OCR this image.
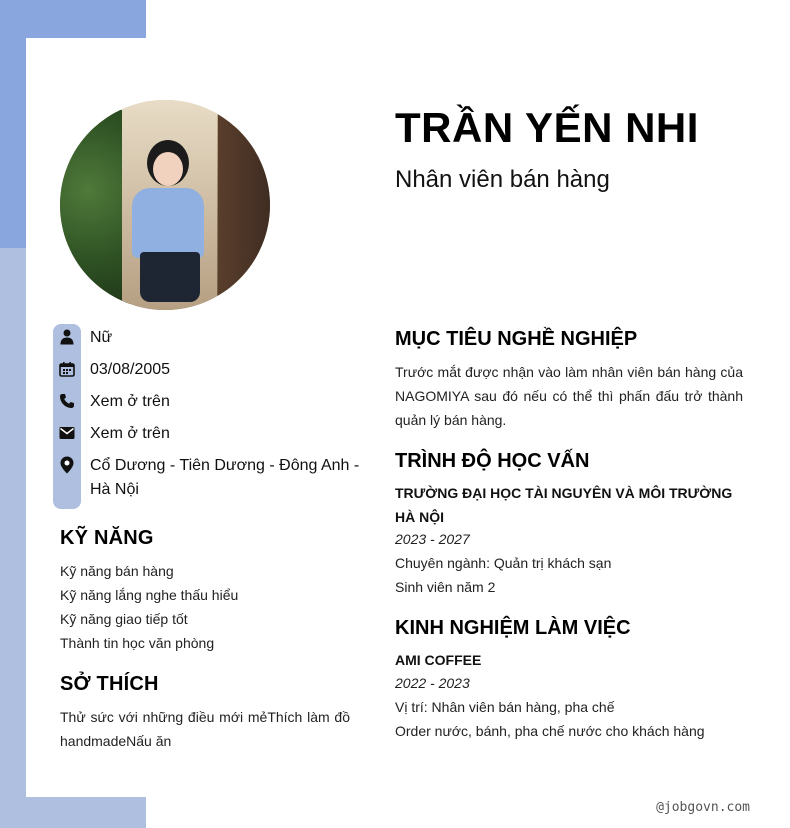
TRẦN YẾN NHI
Nhân viên bán hàng
Nữ
03/08/2005
Xem ở trên
Xem ở trên
Cổ Dương - Tiên Dương - Đông Anh - Hà Nội
KỸ NĂNG
Kỹ năng bán hàng
Kỹ năng lắng nghe thấu hiểu
Kỹ năng giao tiếp tốt
Thành tin học văn phòng
SỞ THÍCH
Thử sức với những điều mới mẻThích làm đồ handmadeNấu ăn
MỤC TIÊU NGHỀ NGHIỆP
Trước mắt được nhận vào làm nhân viên bán hàng của NAGOMIYA sau đó nếu có thể thì phấn đấu trở thành quản lý bán hàng.
TRÌNH ĐỘ HỌC VẤN
TRƯỜNG ĐẠI HỌC TÀI NGUYÊN VÀ MÔI TRƯỜNG HÀ NỘI
2023 - 2027
Chuyên ngành: Quản trị khách sạn
Sinh viên năm 2
KINH NGHIỆM LÀM VIỆC
AMI COFFEE
2022 - 2023
Vị trí: Nhân viên bán hàng, pha chế
Order nước, bánh, pha chế nước cho khách hàng
@jobgovn.com
